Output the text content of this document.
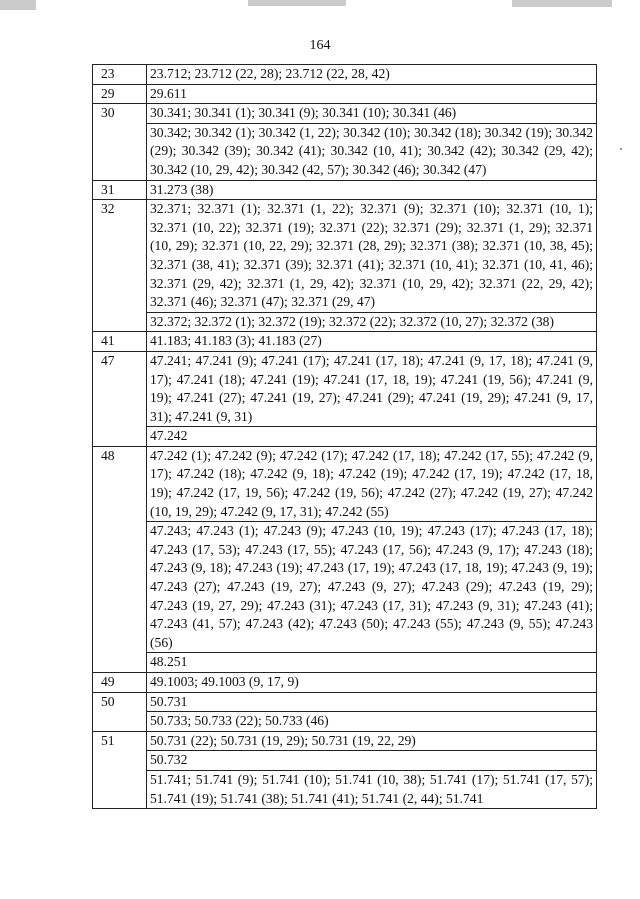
164
23	23.712; 23.712 (22, 28); 23.712 (22, 28, 42)
29	29.611
30	30.341; 30.341 (1); 30.341 (9); 30.341 (10); 30.341 (46)
	30.342; 30.342 (1); 30.342 (1, 22); 30.342 (10); 30.342 (18); 30.342 (19); 30.342 (29); 30.342 (39); 30.342 (41); 30.342 (10, 41); 30.342 (42); 30.342 (29, 42); 30.342 (10, 29, 42); 30.342 (42, 57); 30.342 (46); 30.342 (47)
31	31.273 (38)
32	32.371; 32.371 (1); 32.371 (1, 22); 32.371 (9); 32.371 (10); 32.371 (10, 1); 32.371 (10, 22); 32.371 (19); 32.371 (22); 32.371 (29); 32.371 (1, 29); 32.371 (10, 29); 32.371 (10, 22, 29); 32.371 (28, 29); 32.371 (38); 32.371 (10, 38, 45); 32.371 (38, 41); 32.371 (39); 32.371 (41); 32.371 (10, 41); 32.371 (10, 41, 46); 32.371 (29, 42); 32.371 (1, 29, 42); 32.371 (10, 29, 42); 32.371 (22, 29, 42); 32.371 (46); 32.371 (47); 32.371 (29, 47)
	32.372; 32.372 (1); 32.372 (19); 32.372 (22); 32.372 (10, 27); 32.372 (38)
41	41.183; 41.183 (3); 41.183 (27)
47	47.241; 47.241 (9); 47.241 (17); 47.241 (17, 18); 47.241 (9, 17, 18); 47.241 (9, 17); 47.241 (18); 47.241 (19); 47.241 (17, 18, 19); 47.241 (19, 56); 47.241 (9, 19); 47.241 (27); 47.241 (19, 27); 47.241 (29); 47.241 (19, 29); 47.241 (9, 17, 31); 47.241 (9, 31)
	47.242
48	47.242 (1); 47.242 (9); 47.242 (17); 47.242 (17, 18); 47.242 (17, 55); 47.242 (9, 17); 47.242 (18); 47.242 (9, 18); 47.242 (19); 47.242 (17, 19); 47.242 (17, 18, 19); 47.242 (17, 19, 56); 47.242 (19, 56); 47.242 (27); 47.242 (19, 27); 47.242 (10, 19, 29); 47.242 (9, 17, 31); 47.242 (55)
	47.243; 47.243 (1); 47.243 (9); 47.243 (10, 19); 47.243 (17); 47.243 (17, 18); 47.243 (17, 53); 47.243 (17, 55); 47.243 (17, 56); 47.243 (9, 17); 47.243 (18); 47.243 (9, 18); 47.243 (19); 47.243 (17, 19); 47.243 (17, 18, 19); 47.243 (9, 19); 47.243 (27); 47.243 (19, 27); 47.243 (9, 27); 47.243 (29); 47.243 (19, 29); 47.243 (19, 27, 29); 47.243 (31); 47.243 (17, 31); 47.243 (9, 31); 47.243 (41); 47.243 (41, 57); 47.243 (42); 47.243 (50); 47.243 (55); 47.243 (9, 55); 47.243 (56)
	48.251
49	49.1003; 49.1003 (9, 17, 9)
50	50.731
	50.733; 50.733 (22); 50.733 (46)
51	50.731 (22); 50.731 (19, 29); 50.731 (19, 22, 29)
	50.732
	51.741; 51.741 (9); 51.741 (10); 51.741 (10, 38); 51.741 (17); 51.741 (17, 57); 51.741 (19); 51.741 (38); 51.741 (41); 51.741 (2, 44); 51.741
